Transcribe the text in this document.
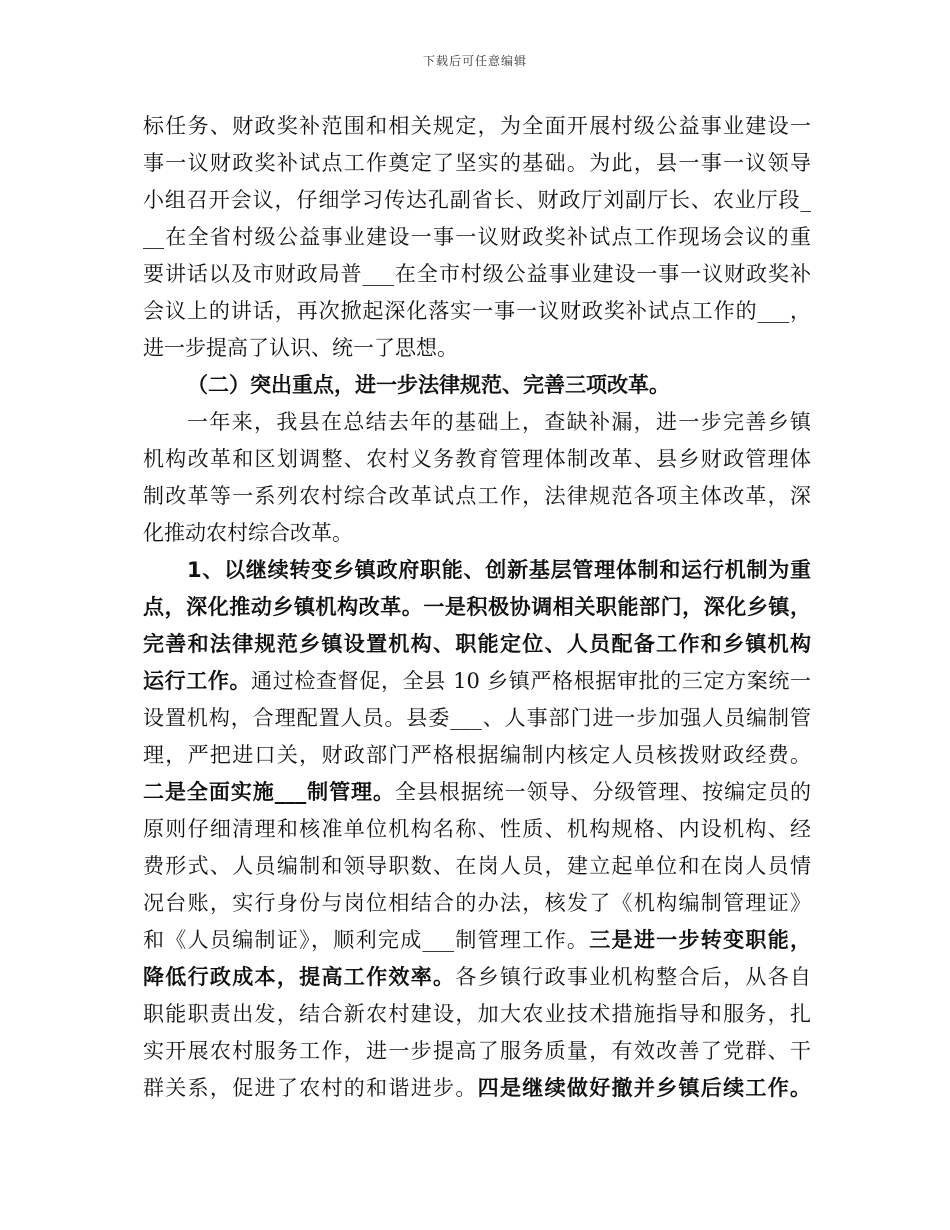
下载后可任意编辑
标任务、财政奖补范围和相关规定，为全面开展村级公益事业建设一
事一议财政奖补试点工作奠定了坚实的基础。为此，县一事一议领导
小组召开会议，仔细学习传达孔副省长、财政厅刘副厅长、农业厅段_
__在全省村级公益事业建设一事一议财政奖补试点工作现场会议的重
要讲话以及市财政局普___在全市村级公益事业建设一事一议财政奖补
会议上的讲话，再次掀起深化落实一事一议财政奖补试点工作的___，
进一步提高了认识、统一了思想。
（二）突出重点，进一步法律规范、完善三项改革。
一年来，我县在总结去年的基础上，查缺补漏，进一步完善乡镇
机构改革和区划调整、农村义务教育管理体制改革、县乡财政管理体
制改革等一系列农村综合改革试点工作，法律规范各项主体改革，深
化推动农村综合改革。
1、以继续转变乡镇政府职能、创新基层管理体制和运行机制为重
点，深化推动乡镇机构改革。一是积极协调相关职能部门，深化乡镇，
完善和法律规范乡镇设置机构、职能定位、人员配备工作和乡镇机构
运行工作。通过检查督促，全县 10 乡镇严格根据审批的三定方案统一
设置机构，合理配置人员。县委___、人事部门进一步加强人员编制管
理，严把进口关，财政部门严格根据编制内核定人员核拨财政经费。
二是全面实施___制管理。全县根据统一领导、分级管理、按编定员的
原则仔细清理和核准单位机构名称、性质、机构规格、内设机构、经
费形式、人员编制和领导职数、在岗人员，建立起单位和在岗人员情
况台账，实行身份与岗位相结合的办法，核发了《机构编制管理证》
和《人员编制证》，顺利完成___制管理工作。三是进一步转变职能，
降低行政成本，提高工作效率。各乡镇行政事业机构整合后，从各自
职能职责出发，结合新农村建设，加大农业技术措施指导和服务，扎
实开展农村服务工作，进一步提高了服务质量，有效改善了党群、干
群关系，促进了农村的和谐进步。四是继续做好撤并乡镇后续工作。
